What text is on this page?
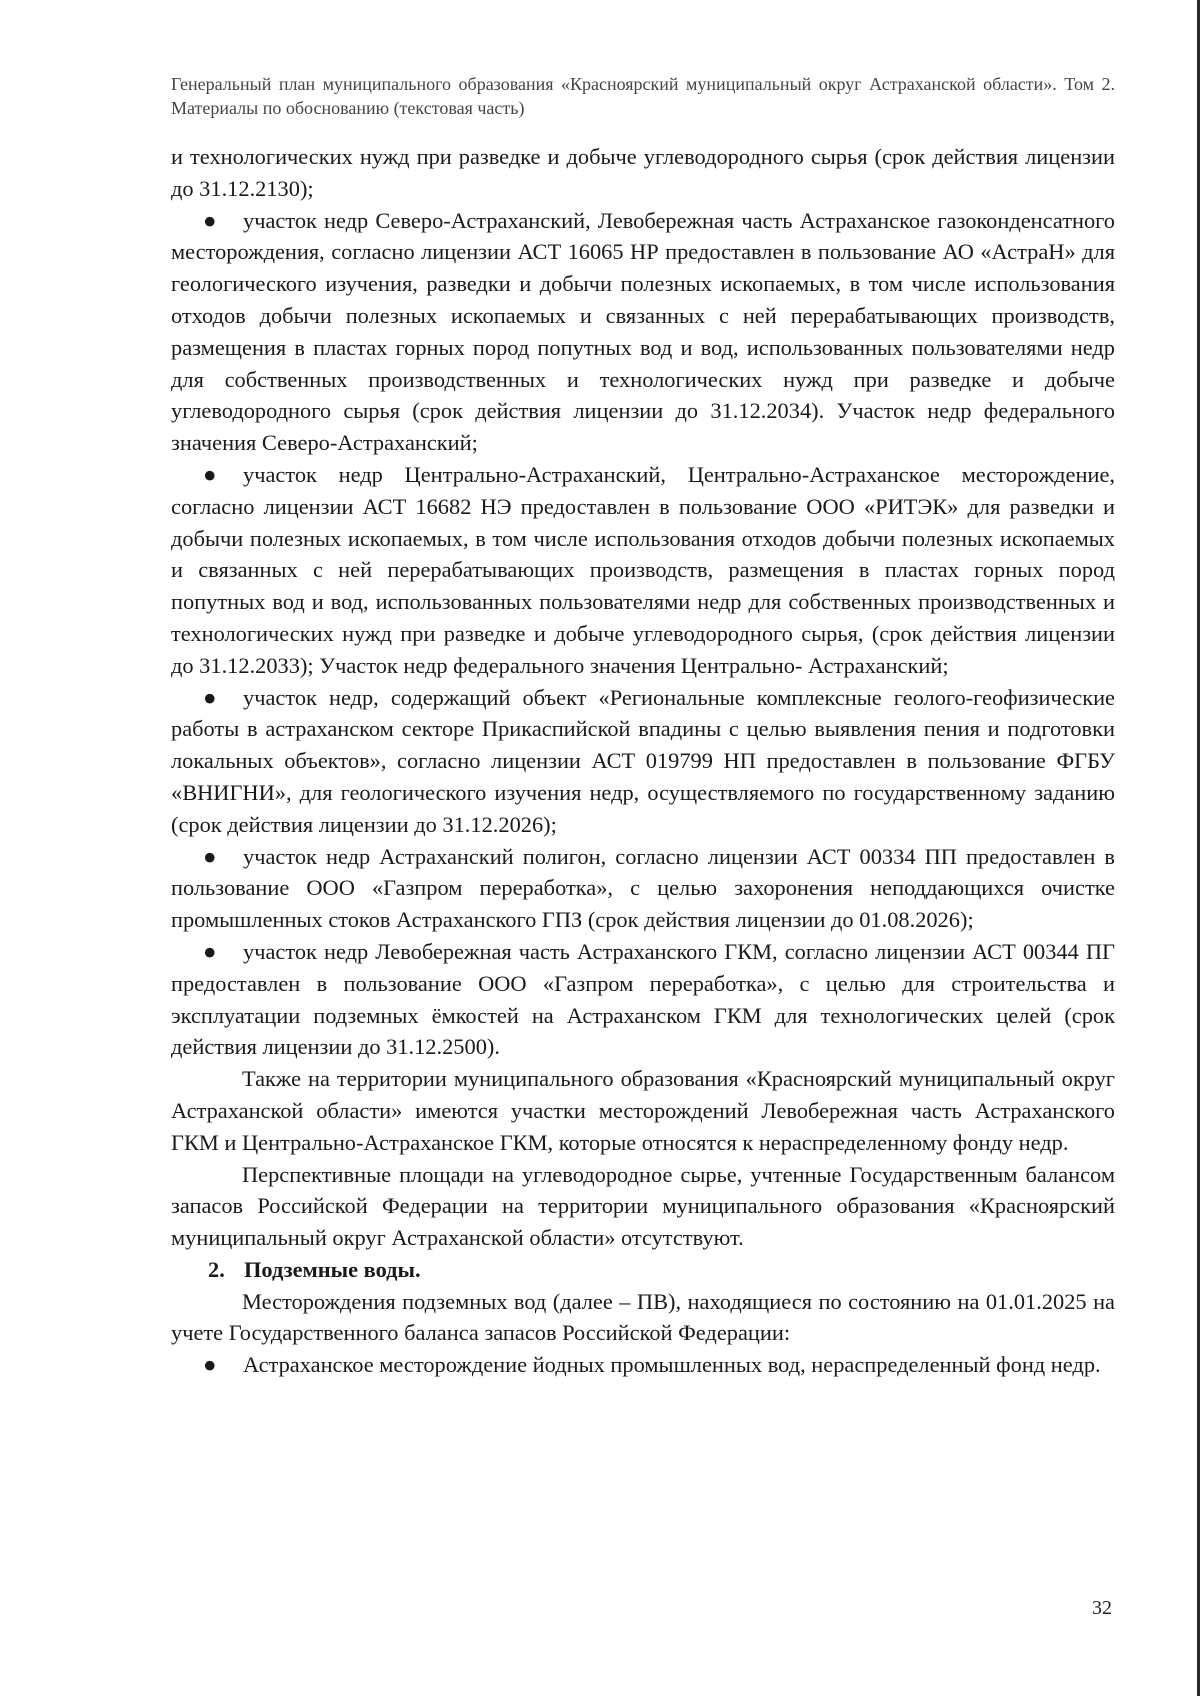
Генеральный план муниципального образования «Красноярский муниципальный округ Астраханской области». Том 2. Материалы по обоснованию (текстовая часть)

и технологических нужд при разведке и добыче углеводородного сырья (срок действия лицензии до 31.12.2130);

● участок недр Северо-Астраханский, Левобережная часть Астраханское газоконденсатного месторождения, согласно лицензии АСТ 16065 НР предоставлен в пользование АО «АстраН» для геологического изучения, разведки и добычи полезных ископаемых, в том числе использования отходов добычи полезных ископаемых и связанных с ней перерабатывающих производств, размещения в пластах горных пород попутных вод и вод, использованных пользователями недр для собственных производственных и технологических нужд при разведке и добыче углеводородного сырья (срок действия лицензии до 31.12.2034). Участок недр федерального значения Северо-Астраханский;

● участок недр Центрально-Астраханский, Центрально-Астраханское месторождение, согласно лицензии АСТ 16682 НЭ предоставлен в пользование ООО «РИТЭК» для разведки и добычи полезных ископаемых, в том числе использования отходов добычи полезных ископаемых и связанных с ней перерабатывающих производств, размещения в пластах горных пород попутных вод и вод, использованных пользователями недр для собственных производственных и технологических нужд при разведке и добыче углеводородного сырья, (срок действия лицензии до 31.12.2033); Участок недр федерального значения Центрально- Астраханский;

● участок недр, содержащий объект «Региональные комплексные геолого-геофизические работы в астраханском секторе Прикаспийской впадины с целью выявления пения и подготовки локальных объектов», согласно лицензии АСТ 019799 НП предоставлен в пользование ФГБУ «ВНИГНИ», для геологического изучения недр, осуществляемого по государственному заданию (срок действия лицензии до 31.12.2026);

● участок недр Астраханский полигон, согласно лицензии АСТ 00334 ПП предоставлен в пользование ООО «Газпром переработка», с целью захоронения неподдающихся очистке промышленных стоков Астраханского ГПЗ (срок действия лицензии до 01.08.2026);

● участок недр Левобережная часть Астраханского ГКМ, согласно лицензии АСТ 00344 ПГ предоставлен в пользование ООО «Газпром переработка», с целью для строительства и эксплуатации подземных ёмкостей на Астраханском ГКМ для технологических целей (срок действия лицензии до 31.12.2500).

Также на территории муниципального образования «Красноярский муниципальный округ Астраханской области» имеются участки месторождений Левобережная часть Астраханского ГКМ и Центрально-Астраханское ГКМ, которые относятся к нераспределенному фонду недр.

Перспективные площади на углеводородное сырье, учтенные Государственным балансом запасов Российской Федерации на территории муниципального образования «Красноярский муниципальный округ Астраханской области» отсутствуют.

2. Подземные воды.

Месторождения подземных вод (далее – ПВ), находящиеся по состоянию на 01.01.2025 на учете Государственного баланса запасов Российской Федерации:

● Астраханское месторождение йодных промышленных вод, нераспределенный фонд недр.

32
